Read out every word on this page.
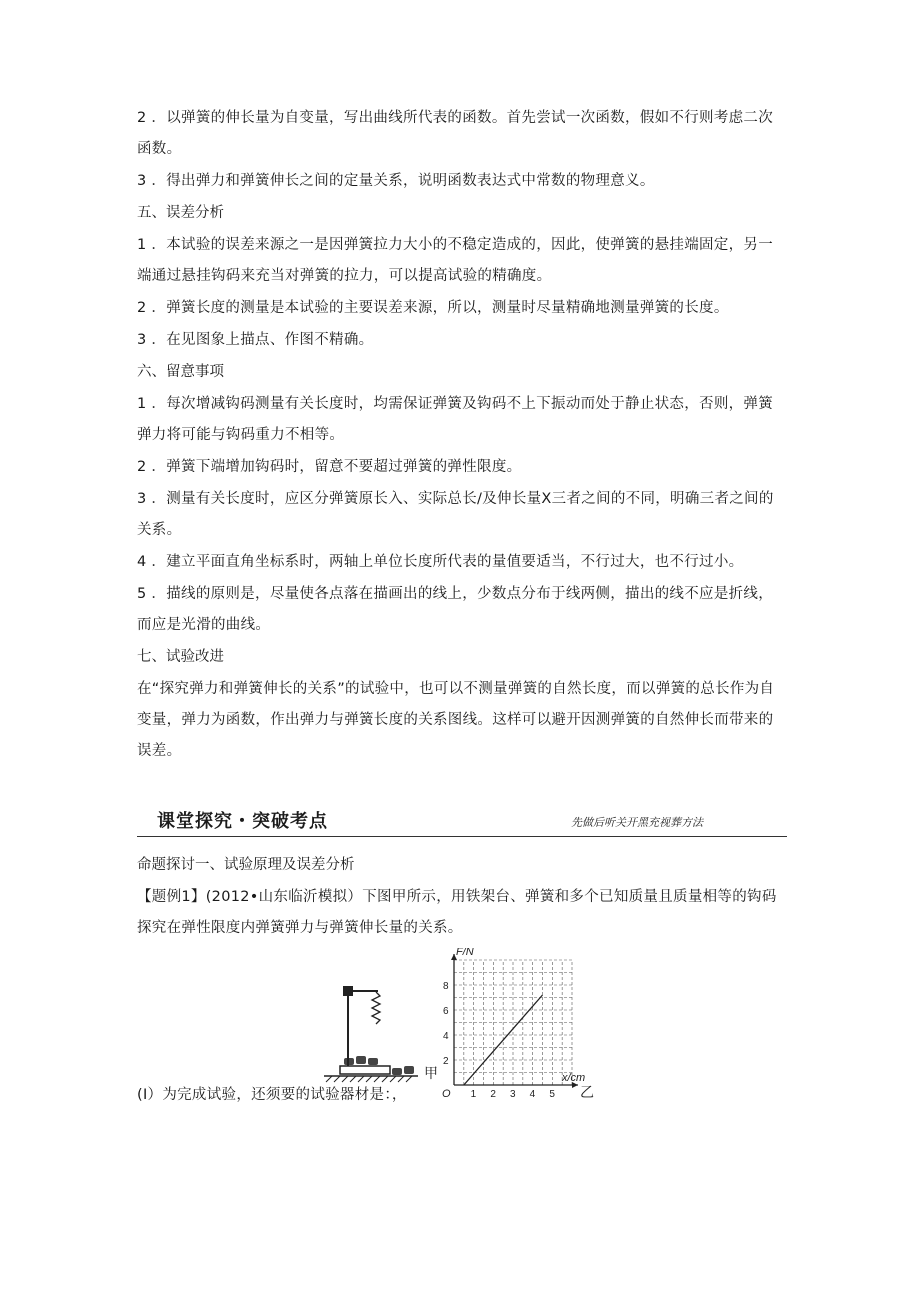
2 ．以弹簧的伸长量为自变量，写出曲线所代表的函数。首先尝试一次函数，假如不行则考虑二次函数。

3 ．得出弹力和弹簧伸长之间的定量关系，说明函数表达式中常数的物理意义。

五、误差分析

1 ．本试验的误差来源之一是因弹簧拉力大小的不稳定造成的，因此，使弹簧的悬挂端固定，另一端通过悬挂钩码来充当对弹簧的拉力，可以提高试验的精确度。

2 ．弹簧长度的测量是本试验的主要误差来源，所以，测量时尽量精确地测量弹簧的长度。

3 ．在见图象上描点、作图不精确。

六、留意事项

1 ．每次增减钩码测量有关长度时，均需保证弹簧及钩码不上下振动而处于静止状态，否则，弹簧弹力将可能与钩码重力不相等。

2 ．弹簧下端增加钩码时，留意不要超过弹簧的弹性限度。

3 ．测量有关长度时，应区分弹簧原长入、实际总长/及伸长量X三者之间的不同，明确三者之间的关系。

4 ．建立平面直角坐标系时，两轴上单位长度所代表的量值要适当，不行过大，也不行过小。

5 ．描线的原则是，尽量使各点落在描画出的线上，少数点分布于线两侧，描出的线不应是折线，而应是光滑的曲线。

七、试验改进

在“探究弹力和弹簧伸长的关系”的试验中，也可以不测量弹簧的自然长度，而以弹簧的总长作为自变量，弹力为函数，作出弹力与弹簧长度的关系图线。这样可以避开因测弹簧的自然伸长而带来的误差。

课堂探究・突破考点	先做后听关开黑充视葬方法

命题探讨一、试验原理及误差分析

【题例1】(2012•山东临沂模拟）下图甲所示，用铁架台、弹簧和多个已知质量且质量相等的钩码探究在弹性限度内弹簧弹力与弹簧伸长量的关系。

甲
1 2 3 4 5
2
4
6
8
F/N
x/cm
O	乙

(I）为完成试验，还须要的试验器材是：，
